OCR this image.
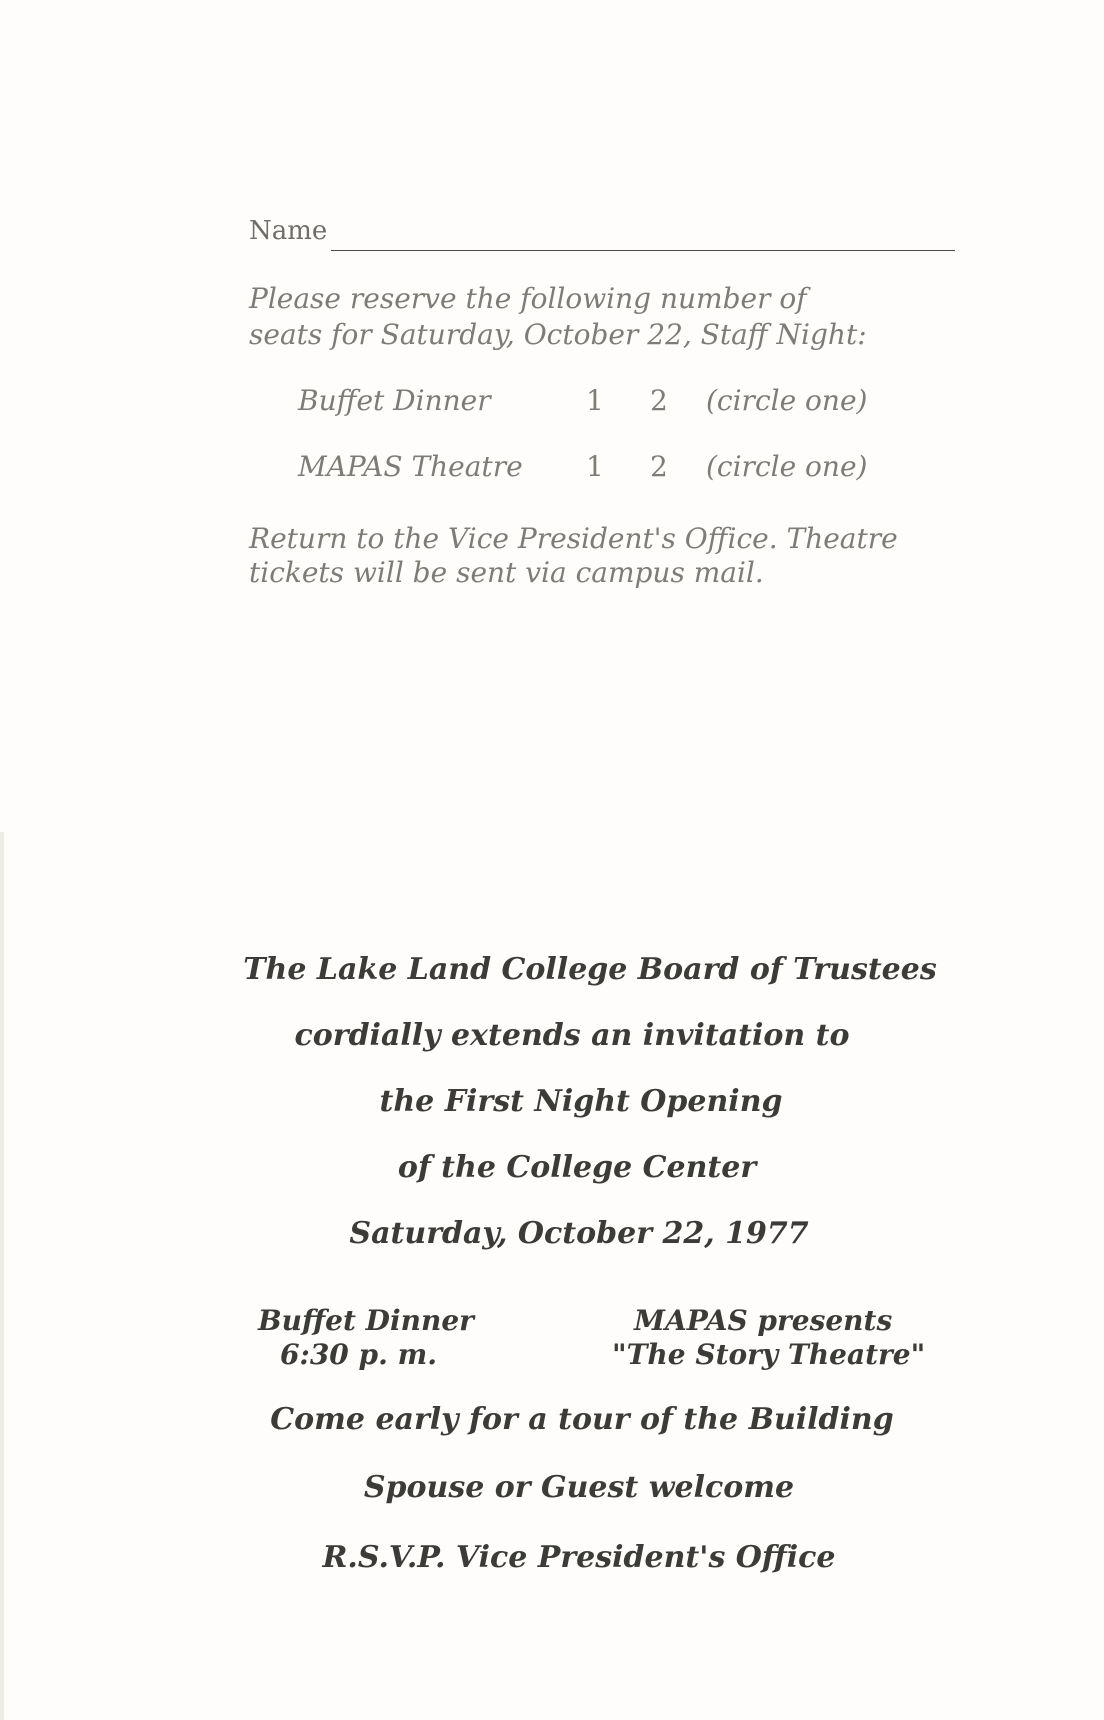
Name
Please reserve the following number of
seats for Saturday, October 22, Staff Night:
Buffet Dinner	1 2 (circle one)
MAPAS Theatre 1 2 (circle one)
Return to the Vice President's Office. Theatre
tickets will be sent via campus mail.
The Lake Land College Board of Trustees
cordially extends an invitation to
the First Night Opening
of the College Center
Saturday, October 22, 1977
Buffet Dinner
6:30 p. m.
MAPAS presents
"The Story Theatre"
Come early for a tour of the Building
Spouse or Guest welcome
R.S.V.P. Vice President's Office
